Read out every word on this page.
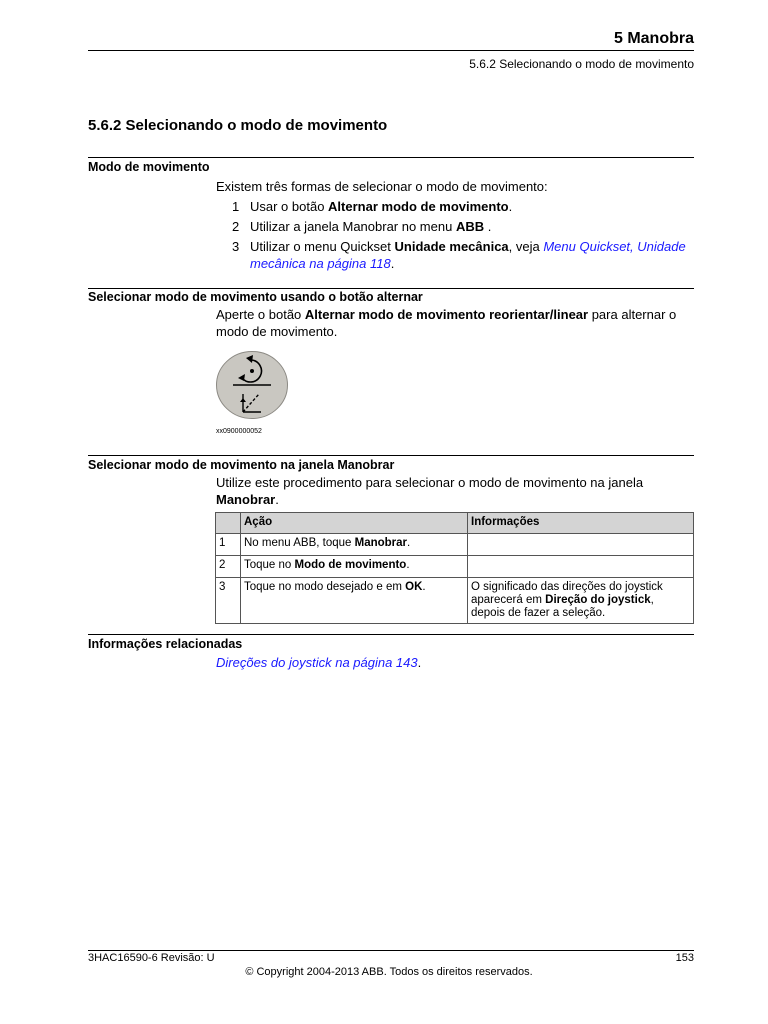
5 Manobra
5.6.2 Selecionando o modo de movimento
5.6.2 Selecionando o modo de movimento
Modo de movimento
Existem três formas de selecionar o modo de movimento:
1 Usar o botão Alternar modo de movimento.
2 Utilizar a janela Manobrar no menu ABB .
3 Utilizar o menu Quickset Unidade mecânica, veja Menu Quickset, Unidade mecânica na página 118.
Selecionar modo de movimento usando o botão alternar
Aperte o botão Alternar modo de movimento reorientar/linear para alternar o modo de movimento.
xx0900000052
Selecionar modo de movimento na janela Manobrar
Utilize este procedimento para selecionar o modo de movimento na janela Manobrar.
	Ação	Informações
1	No menu ABB, toque Manobrar.	
2	Toque no Modo de movimento.	
3	Toque no modo desejado e em OK.	O significado das direções do joystick aparecerá em Direção do joystick, depois de fazer a seleção.
Informações relacionadas
Direções do joystick na página 143.
3HAC16590-6 Revisão: U	153
© Copyright 2004-2013 ABB. Todos os direitos reservados.
